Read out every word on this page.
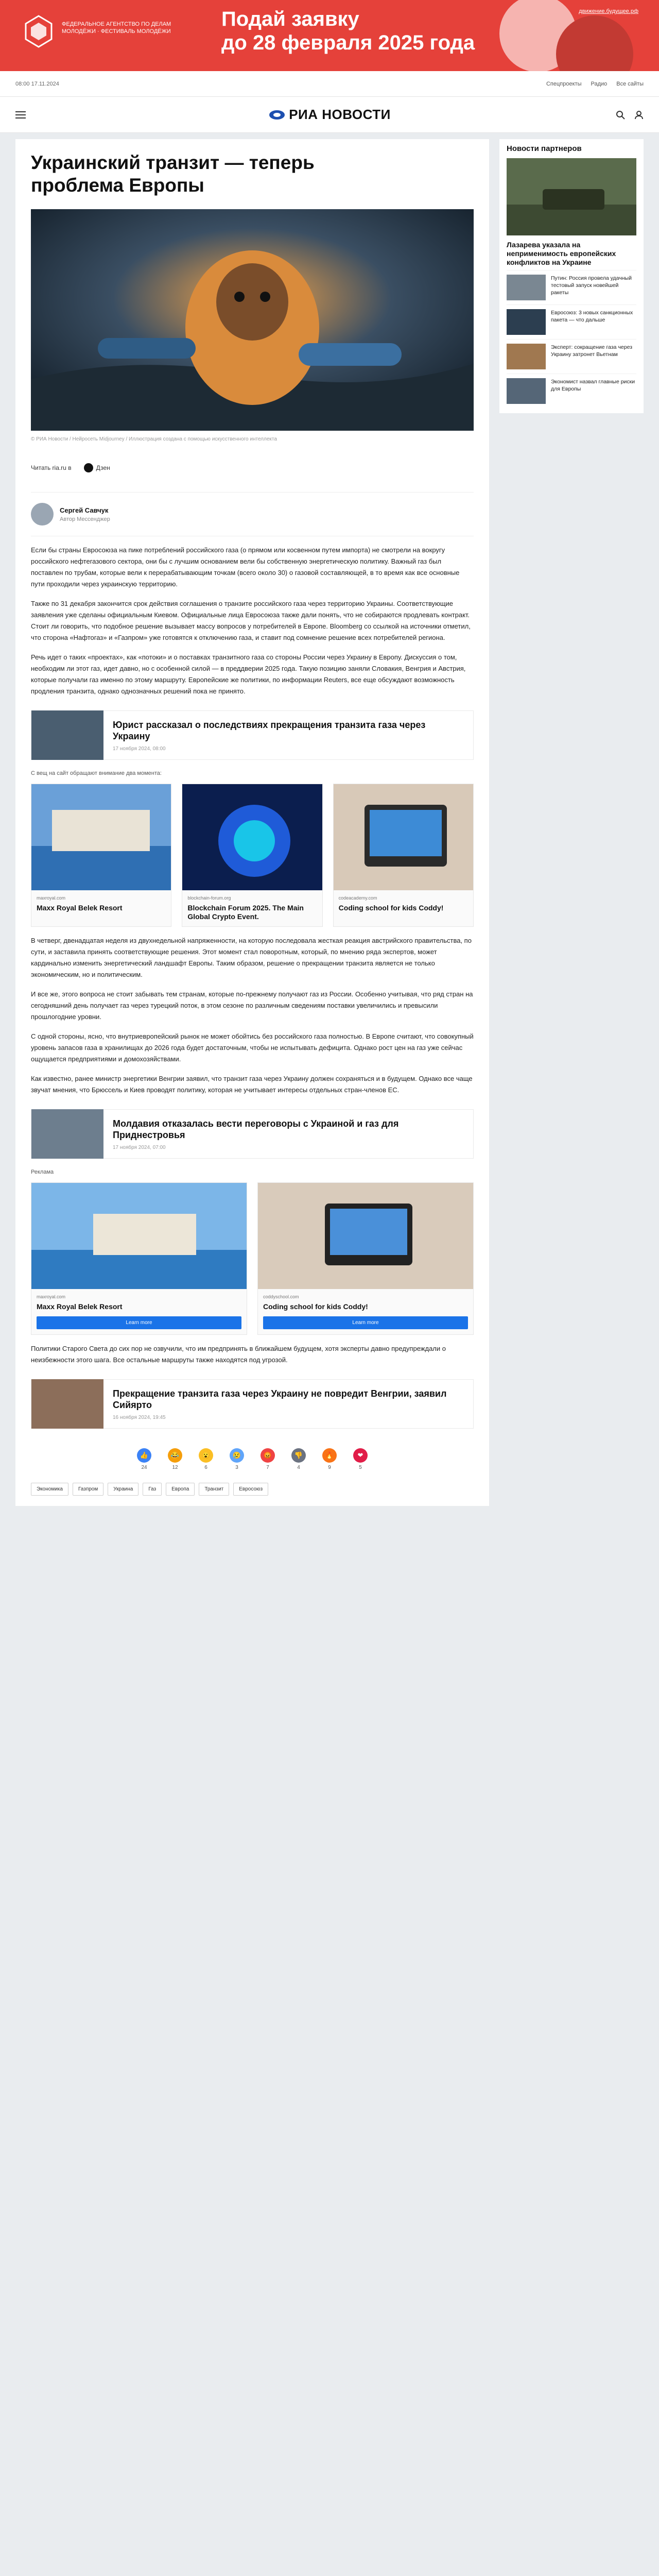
ФЕДЕРАЛЬНОЕ АГЕНТСТВО ПО ДЕЛАМ МОЛОДЁЖИ · ФЕСТИВАЛЬ МОЛОДЁЖИ
Подай заявку
до 28 февраля 2025 года
движение.будущее.рф
08:00 17.11.2024	Спецпроекты Радио Все сайты
РИА НОВОСТИ
Украинский транзит — теперь проблема Европы
© РИА Новости / Нейросеть Midjourney / Иллюстрация создана с помощью искусственного интеллекта
Читать ria.ru в	Дзен
Сергей Савчук
Автор Мессенджер

Если бы страны Евросоюза на пике потреблений российского газа (о прямом или косвенном путем импорта) не смотрели на вокругу российского нефтегазового сектора, они бы с лучшим основанием вели бы собственную энергетическую политику. Важный газ был поставлен по трубам, которые вели к перерабатывающим точкам (всего около 30) о газовой составляющей, в то время как все основные пути проходили через украинскую территорию.

Также по 31 декабря закончится срок действия соглашения о транзите российского газа через территорию Украины. Соответствующие заявления уже сделаны официальным Киевом. Официальные лица Евросоюза также дали понять, что не собираются продлевать контракт. Стоит ли говорить, что подобное решение вызывает массу вопросов у потребителей в Европе. Bloomberg со ссылкой на источники отметил, что сторона «Нафтогаз» и «Газпром» уже готовятся к отключению газа, и ставит под сомнение решение всех потребителей региона.

Речь идет о таких «проектах», как «потоки» и о поставках транзитного газа со стороны России через Украину в Европу. Дискуссия о том, необходим ли этот газ, идет давно, но с особенной силой — в преддверии 2025 года. Такую позицию заняли Словакия, Венгрия и Австрия, которые получали газ именно по этому маршруту. Европейские же политики, по информации Reuters, все еще обсуждают возможность продления транзита, однако однозначных решений пока не принято.

Юрист рассказал о последствиях прекращения транзита газа через Украину
17 ноября 2024, 08:00
С вещ на сайт обращают внимание два момента:
maxroyal.com
Maxx Royal Belek Resort
blockchain-forum.org
Blockchain Forum 2025. The Main Global Crypto Event.
codeacademy.com
Coding school for kids Coddy!

В четверг, двенадцатая неделя из двухнедельной напряженности, на которую последовала жесткая реакция австрийского правительства, по сути, и заставила принять соответствующие решения. Этот момент стал поворотным, который, по мнению ряда экспертов, может кардинально изменить энергетический ландшафт Европы. Таким образом, решение о прекращении транзита является не только экономическим, но и политическим.

И все же, этого вопроса не стоит забывать тем странам, которые по-прежнему получают газ из России. Особенно учитывая, что ряд стран на сегодняшний день получает газ через турецкий поток, в этом сезоне по различным сведениям поставки увеличились и превысили прошлогодние уровни.

С одной стороны, ясно, что внутриевропейский рынок не может обойтись без российского газа полностью. В Европе считают, что совокупный уровень запасов газа в хранилищах до 2026 года будет достаточным, чтобы не испытывать дефицита. Однако рост цен на газ уже сейчас ощущается предприятиями и домохозяйствами.

Как известно, ранее министр энергетики Венгрии заявил, что транзит газа через Украину должен сохраняться и в будущем. Однако все чаще звучат мнения, что Брюссель и Киев проводят политику, которая не учитывает интересы отдельных стран-членов ЕС.

Молдавия отказалась вести переговоры с Украиной и газ для Приднестровья
17 ноября 2024, 07:00
Реклама
maxroyal.com
Maxx Royal Belek Resort
Learn more
coddyschool.com
Coding school for kids Coddy!
Learn more

Политики Старого Света до сих пор не озвучили, что им предпринять в ближайшем будущем, хотя эксперты давно предупреждали о неизбежности этого шага. Все остальные маршруты также находятся под угрозой.

Прекращение транзита газа через Украину не повредит Венгрии, заявил Сийярто
16 ноября 2024, 19:45
👍
24
😂
12
😮
6
😢
3
😡
7
👎
4
🔥
9
❤
5
Экономика	Газпром	Украина	Газ	Европа	Транзит	Евросоюз
Новости партнеров
Лазарева указала на неприменимость европейских конфликтов на Украине
Путин: Россия провела удачный тестовый запуск новейшей ракеты
Евросоюз: 3 новых санкционных пакета — что дальше
Эксперт: сокращение газа через Украину затронет Вьетнам
Экономист назвал главные риски для Европы
